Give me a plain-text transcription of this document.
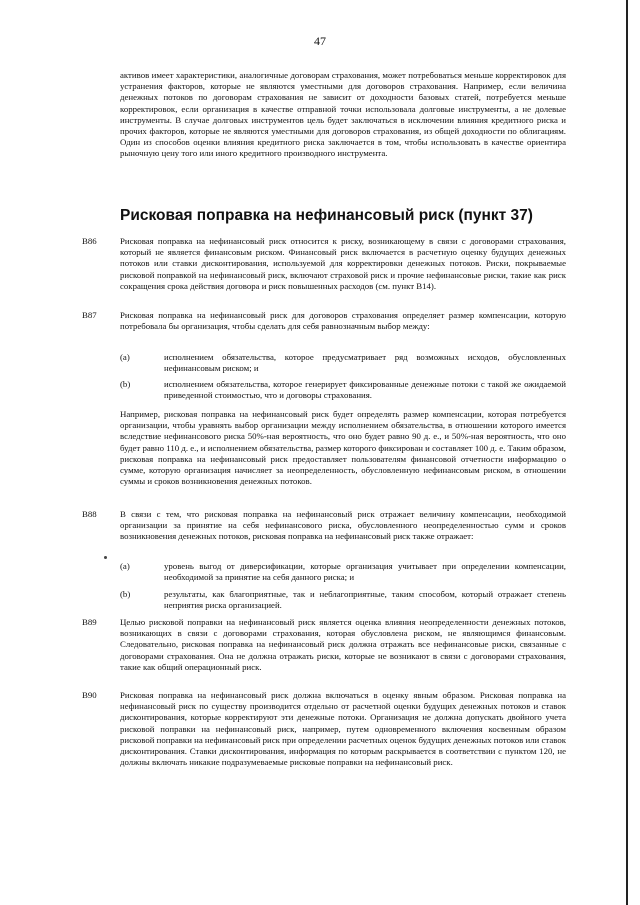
47
активов имеет характеристики, аналогичные договорам страхования, может потребоваться меньше корректировок для устранения факторов, которые не являются уместными для договоров страхования. Например, если величина денежных потоков по договорам страхования не зависит от доходности базовых статей, потребуется меньше корректировок, если организация в качестве отправной точки использовала долговые инструменты, а не долевые инструменты. В случае долговых инструментов цель будет заключаться в исключении влияния кредитного риска и прочих факторов, которые не являются уместными для договоров страхования, из общей доходности по облигациям. Один из способов оценки влияния кредитного риска заключается в том, чтобы использовать в качестве ориентира рыночную цену того или иного кредитного производного инструмента.
Рисковая поправка на нефинансовый риск (пункт 37)
B86	Рисковая поправка на нефинансовый риск относится к риску, возникающему в связи с договорами страхования, который не является финансовым риском. Финансовый риск включается в расчетную оценку будущих денежных потоков или ставки дисконтирования, используемой для корректировки денежных потоков. Риски, покрываемые рисковой поправкой на нефинансовый риск, включают страховой риск и прочие нефинансовые риски, такие как риск сокращения срока действия договора и риск повышенных расходов (см. пункт B14).
B87	Рисковая поправка на нефинансовый риск для договоров страхования определяет размер компенсации, которую потребовала бы организация, чтобы сделать для себя равнозначным выбор между:
(a)	исполнением обязательства, которое предусматривает ряд возможных исходов, обусловленных нефинансовым риском; и
(b)	исполнением обязательства, которое генерирует фиксированные денежные потоки с такой же ожидаемой приведенной стоимостью, что и договоры страхования.
Например, рисковая поправка на нефинансовый риск будет определять размер компенсации, которая потребуется организации, чтобы уравнять выбор организации между исполнением обязательства, в отношении которого имеется вследствие нефинансового риска 50%-ная вероятность, что оно будет равно 90 д. е., и 50%-ная вероятность, что оно будет равно 110 д. е., и исполнением обязательства, размер которого фиксирован и составляет 100 д. е. Таким образом, рисковая поправка на нефинансовый риск предоставляет пользователям финансовой отчетности информацию о сумме, которую организация начисляет за неопределенность, обусловленную нефинансовым риском, в отношении суммы и сроков возникновения денежных потоков.
B88	В связи с тем, что рисковая поправка на нефинансовый риск отражает величину компенсации, необходимой организации за принятие на себя нефинансового риска, обусловленного неопределенностью сумм и сроков возникновения денежных потоков, рисковая поправка на нефинансовый риск также отражает:
(a)	уровень выгод от диверсификации, которые организация учитывает при определении компенсации, необходимой за принятие на себя данного риска; и
(b)	результаты, как благоприятные, так и неблагоприятные, таким способом, который отражает степень неприятия риска организацией.
B89	Целью рисковой поправки на нефинансовый риск является оценка влияния неопределенности денежных потоков, возникающих в связи с договорами страхования, которая обусловлена риском, не являющимся финансовым. Следовательно, рисковая поправка на нефинансовый риск должна отражать все нефинансовые риски, связанные с договорами страхования. Она не должна отражать риски, которые не возникают в связи с договорами страхования, такие как общий операционный риск.
B90	Рисковая поправка на нефинансовый риск должна включаться в оценку явным образом. Рисковая поправка на нефинансовый риск по существу производится отдельно от расчетной оценки будущих денежных потоков и ставок дисконтирования, которые корректируют эти денежные потоки. Организация не должна допускать двойного учета рисковой поправки на нефинансовый риск, например, путем одновременного включения косвенным образом рисковой поправки на нефинансовый риск при определении расчетных оценок будущих денежных потоков или ставок дисконтирования. Ставки дисконтирования, информация по которым раскрывается в соответствии с пунктом 120, не должны включать никакие подразумеваемые рисковые поправки на нефинансовый риск.
